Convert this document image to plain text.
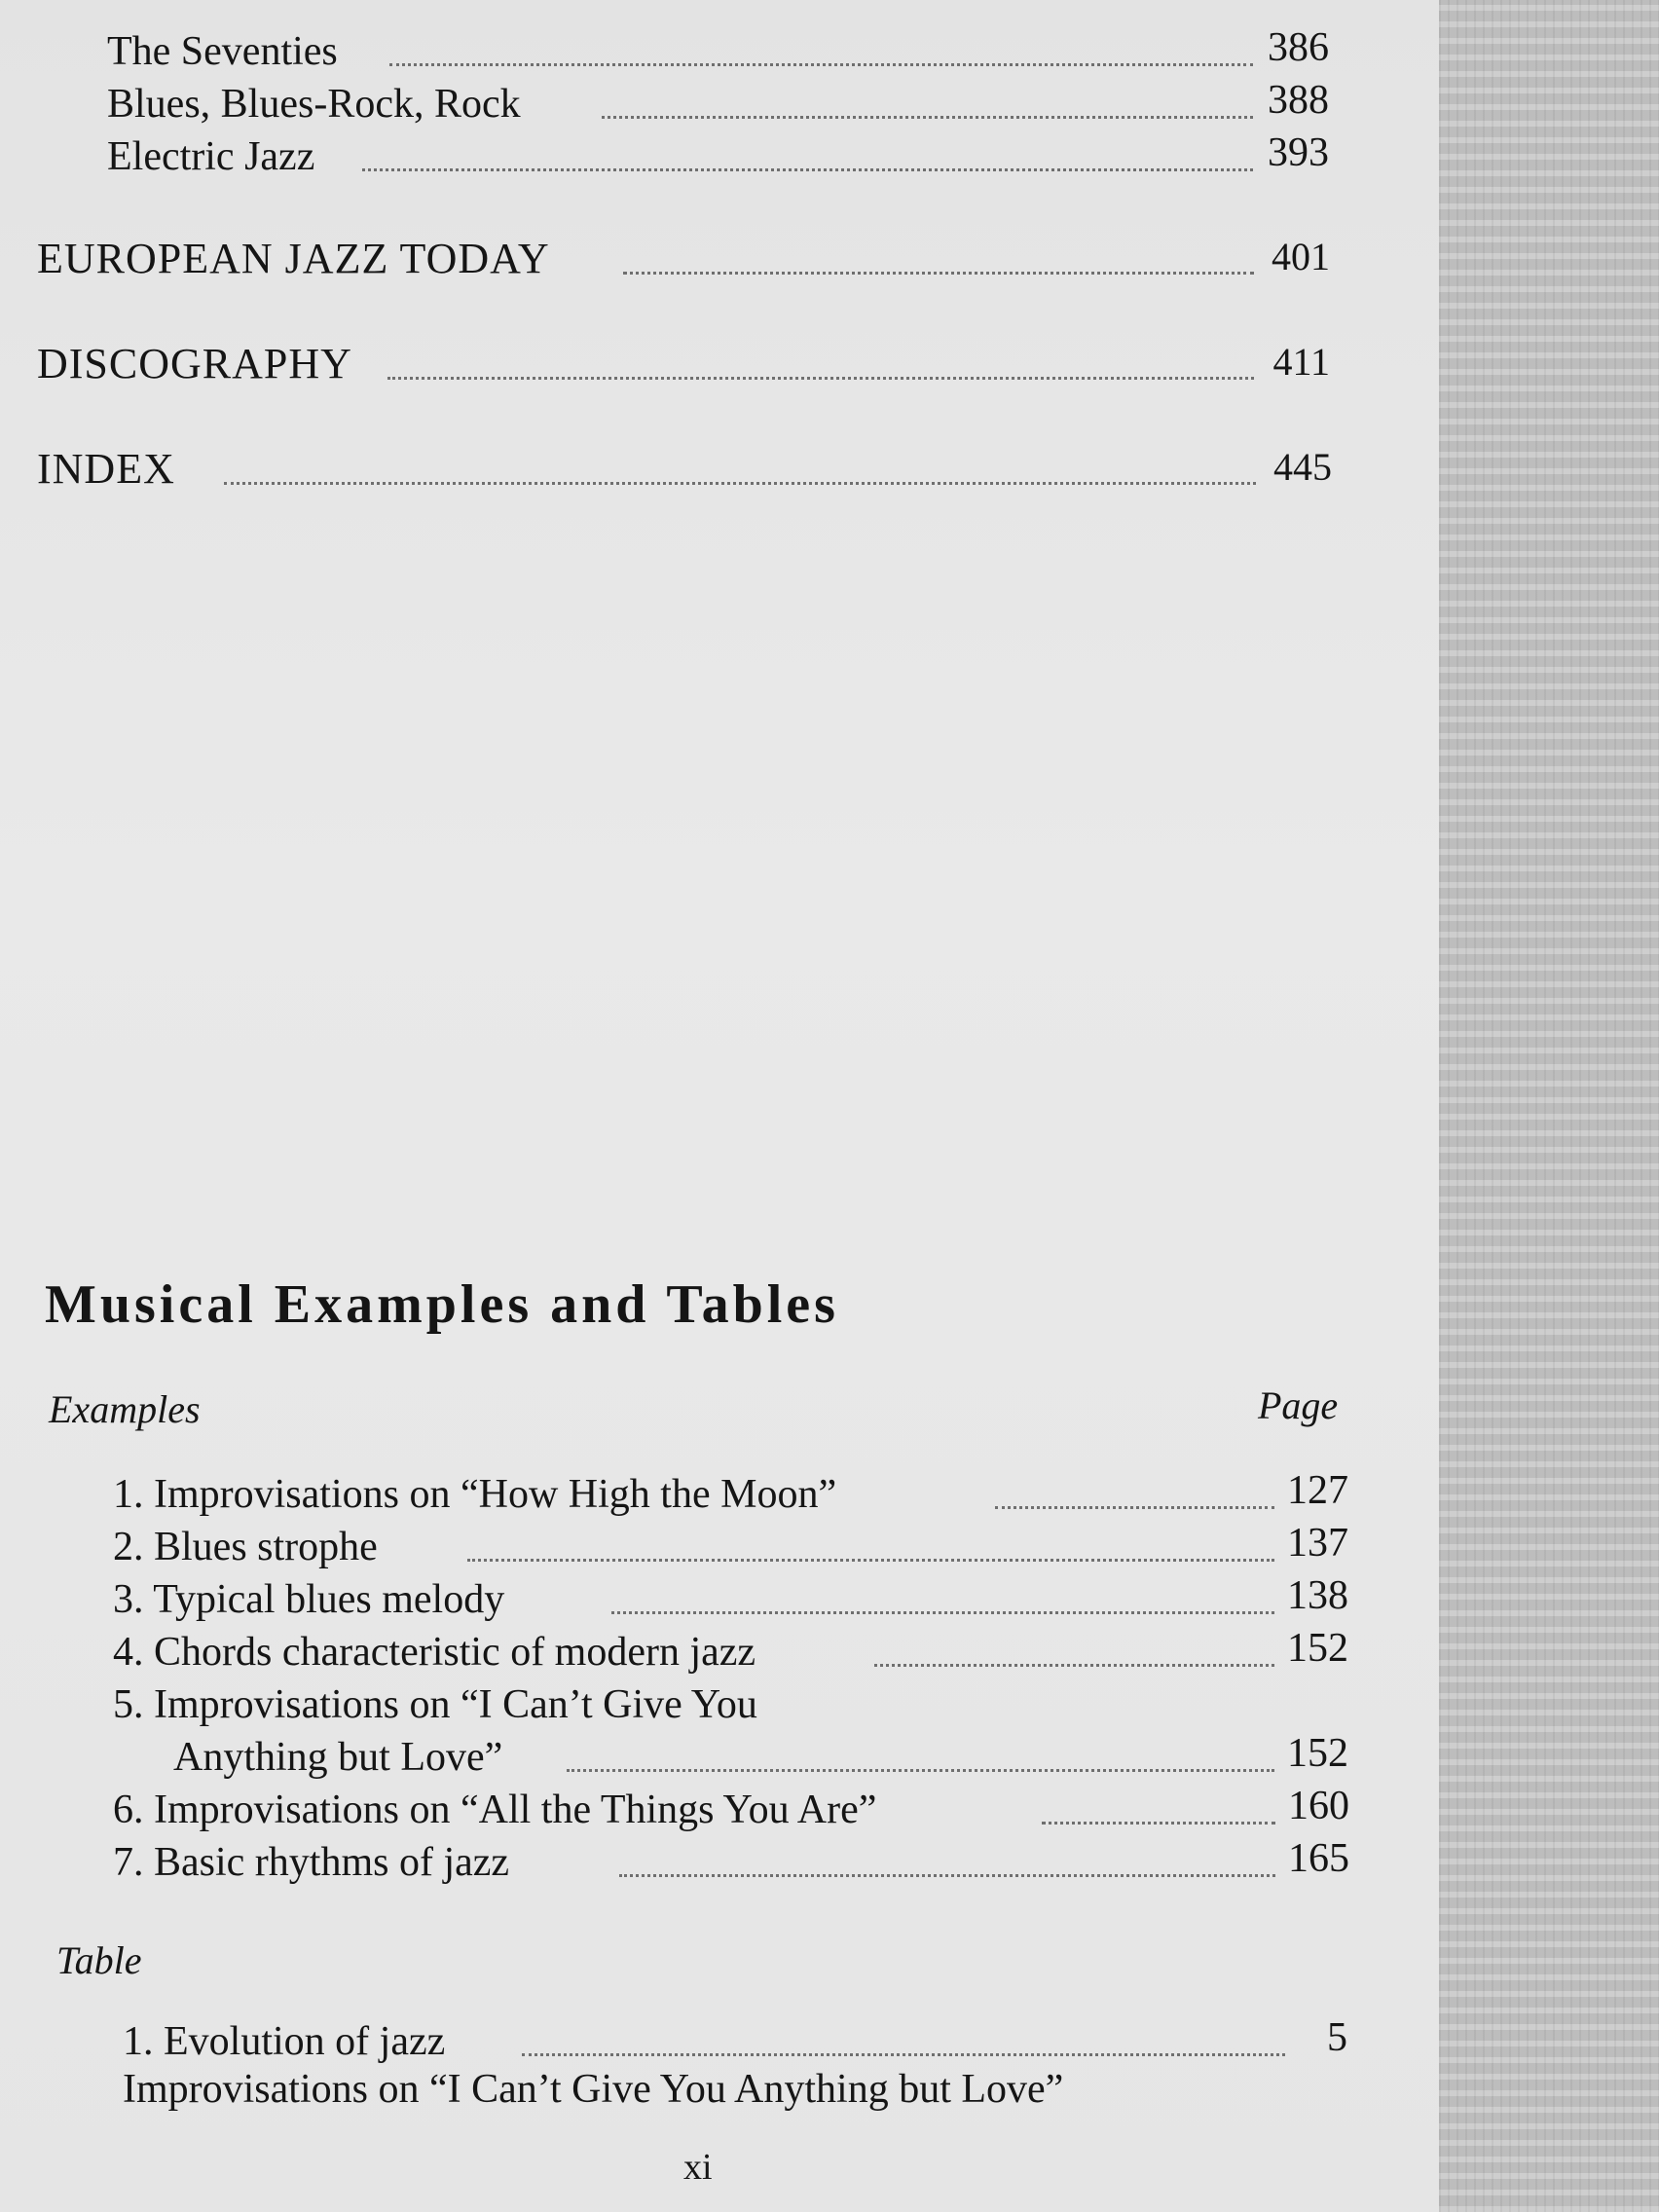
The Seventies	386
Blues, Blues-Rock, Rock	388
Electric Jazz	393
EUROPEAN JAZZ TODAY	401
DISCOGRAPHY	411
INDEX	445
Musical Examples and Tables
Examples	Page
1. Improvisations on “How High the Moon”	127
2. Blues strophe	137
3. Typical blues melody	138
4. Chords characteristic of modern jazz	152
5. Improvisations on “I Can’t Give You
Anything but Love”	152
6. Improvisations on “All the Things You Are”	160
7. Basic rhythms of jazz	165
Table
1. Evolution of jazz	5
Improvisations on “I Can’t Give You Anything but Love”
xi
